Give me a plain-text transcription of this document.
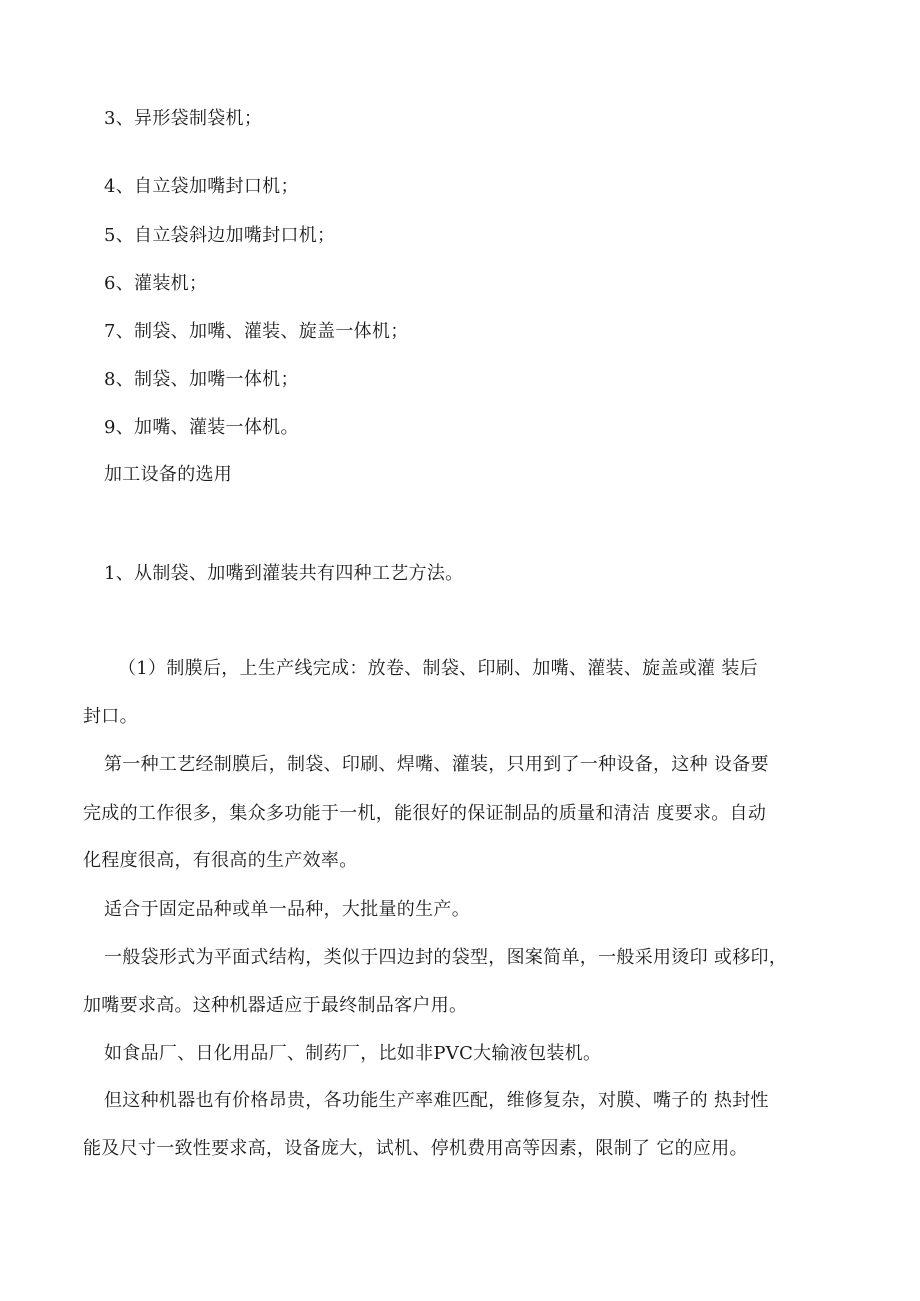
3、异形袋制袋机；
4、自立袋加嘴封口机；
5、自立袋斜边加嘴封口机；
6、灌装机；
7、制袋、加嘴、灌装、旋盖一体机；
8、制袋、加嘴一体机；
9、加嘴、灌装一体机。
加工设备的选用
1、从制袋、加嘴到灌装共有四种工艺方法。
（1）制膜后，上生产线完成：放卷、制袋、印刷、加嘴、灌装、旋盖或灌 装后
封口。
第一种工艺经制膜后，制袋、印刷、焊嘴、灌装，只用到了一种设备，这种 设备要
完成的工作很多，集众多功能于一机，能很好的保证制品的质量和清洁 度要求。自动
化程度很高，有很高的生产效率。
适合于固定品种或单一品种，大批量的生产。
一般袋形式为平面式结构，类似于四边封的袋型，图案简单，一般采用烫印 或移印，
加嘴要求高。这种机器适应于最终制品客户用。
如食品厂、日化用品厂、制药厂，比如非PVC大输液包装机。
但这种机器也有价格昂贵，各功能生产率难匹配，维修复杂，对膜、嘴子的 热封性
能及尺寸一致性要求高，设备庞大，试机、停机费用高等因素，限制了 它的应用。
